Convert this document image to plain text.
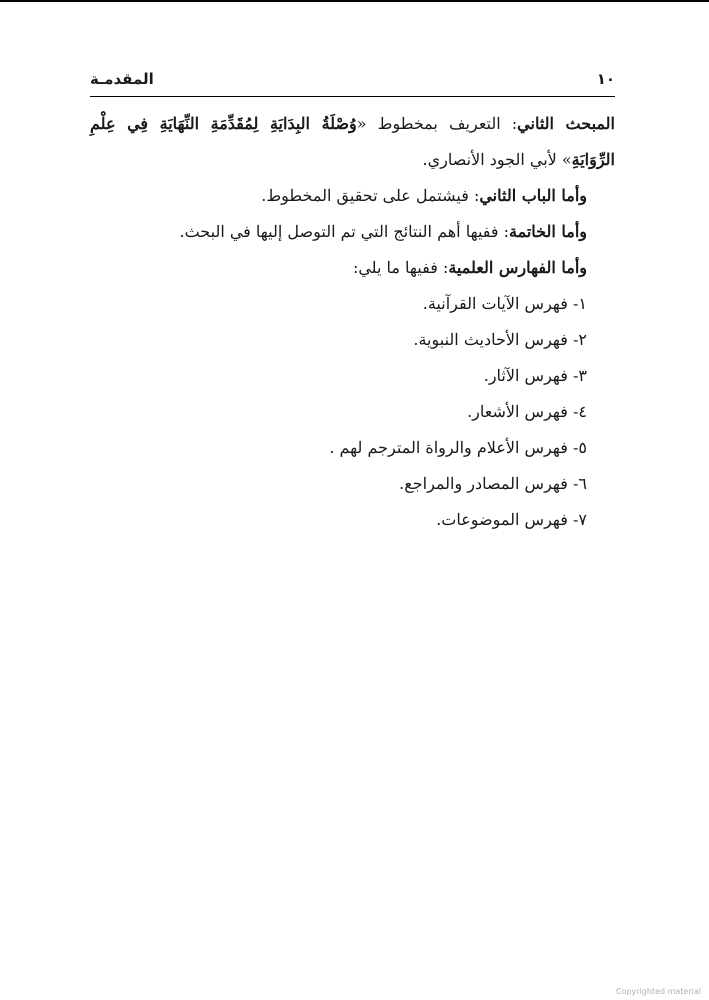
١٠
المقدمـة

المبحث الثاني: التعريف بمخطوط «وُصْلَةُ البِدَايَةِ لِمُقَدِّمَةِ النِّهَايَةِ فِي عِلْمِ الرِّوَايَةِ» لأبي الجود الأنصاري.

وأما الباب الثاني: فيشتمل على تحقيق المخطوط.

وأما الخاتمة: ففيها أهم النتائج التي تم التوصل إليها في البحث.

وأما الفهارس العلمية: ففيها ما يلي:

١- فهرس الآيات القرآنية.

٢- فهرس الأحاديث النبوية.

٣- فهرس الآثار.

٤- فهرس الأشعار.

٥- فهرس الأعلام والرواة المترجم لهم .

٦- فهرس المصادر والمراجع.

٧- فهرس الموضوعات.

Copyrighted material
